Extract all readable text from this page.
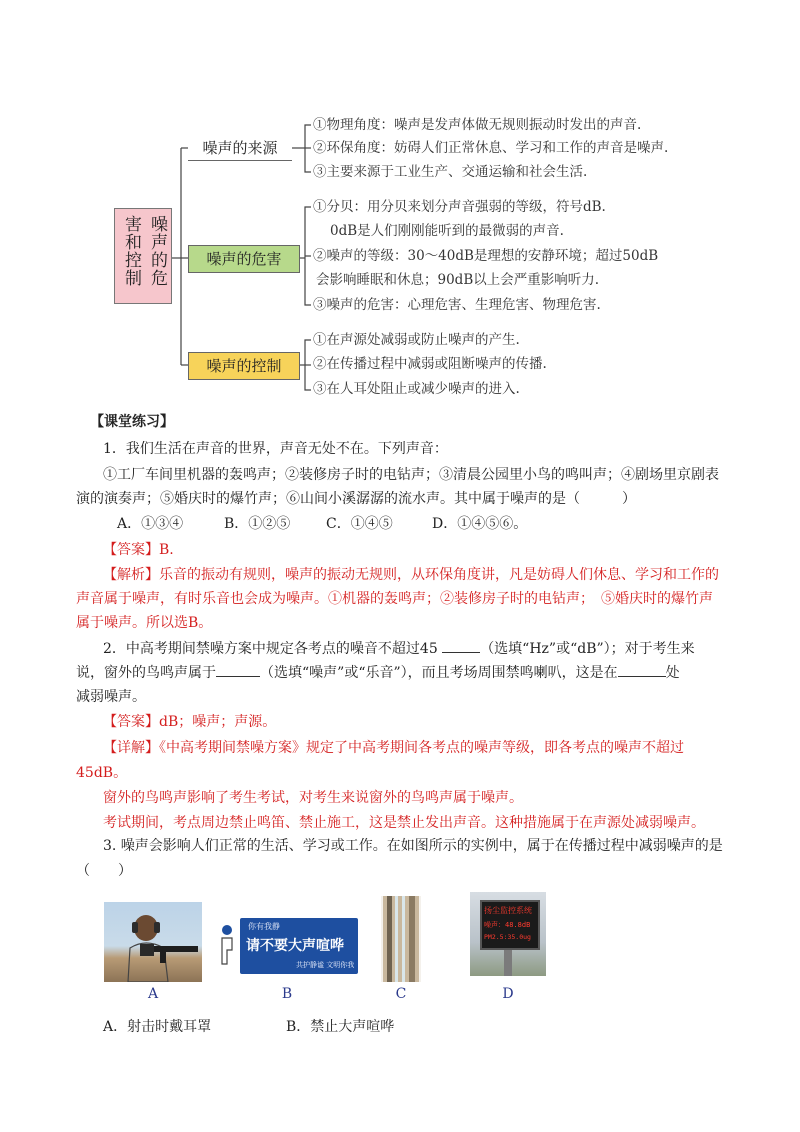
噪声的危
害和控制
噪声的来源
噪声的危害
噪声的控制
①物理角度：噪声是发声体做无规则振动时发出的声音.
②环保角度：妨碍人们正常休息、学习和工作的声音是噪声.
③主要来源于工业生产、交通运输和社会生活.
①分贝：用分贝来划分声音强弱的等级，符号dB.
0dB是人们刚刚能听到的最微弱的声音.
②噪声的等级：30～40dB是理想的安静环境；超过50dB
会影响睡眠和休息；90dB以上会严重影响听力.
③噪声的危害：心理危害、生理危害、物理危害.
①在声源处减弱或防止噪声的产生.
②在传播过程中减弱或阻断噪声的传播.
③在人耳处阻止或减少噪声的进入.
【课堂练习】
1．我们生活在声音的世界，声音无处不在。下列声音：
①工厂车间里机器的轰鸣声；②装修房子时的电钻声；③清晨公园里小鸟的鸣叫声；④剧场里京剧表
演的演奏声；⑤婚庆时的爆竹声；⑥山间小溪潺潺的流水声。其中属于噪声的是（　　　）
A．①③④	B．①②⑤	C．①④⑤	D．①④⑤⑥。
【答案】B.
【解析】乐音的振动有规则，噪声的振动无规则，从环保角度讲，凡是妨碍人们休息、学习和工作的
声音属于噪声，有时乐音也会成为噪声。①机器的轰鸣声；②装修房子时的电钻声；　⑤婚庆时的爆竹声
属于噪声。所以选B。
2．中高考期间禁噪方案中规定各考点的噪音不超过45	（选填“Hz”或“dB”）；对于考生来
说，窗外的鸟鸣声属于	（选填“噪声”或“乐音”），而且考场周围禁鸣喇叭，这是在	处
减弱噪声。
【答案】dB；噪声；声源。
【详解】《中高考期间禁噪方案》规定了中高考期间各考点的噪声等级，即各考点的噪声不超过
45dB。
窗外的鸟鸣声影响了考生考试，对考生来说窗外的鸟鸣声属于噪声。
考试期间，考点周边禁止鸣笛、禁止施工，这是禁止发出声音。这种措施属于在声源处减弱噪声。
3. 噪声会影响人们正常的生活、学习或工作。在如图所示的实例中，属于在传播过程中减弱噪声的是
（　　）
A
你有我静
请不要大声喧哗
共护静谧 文明你我
B	C
扬尘监控系统
噪声：48.8dB
PM2.5:35.0ug
D
A．射击时戴耳罩	B．禁止大声喧哗
